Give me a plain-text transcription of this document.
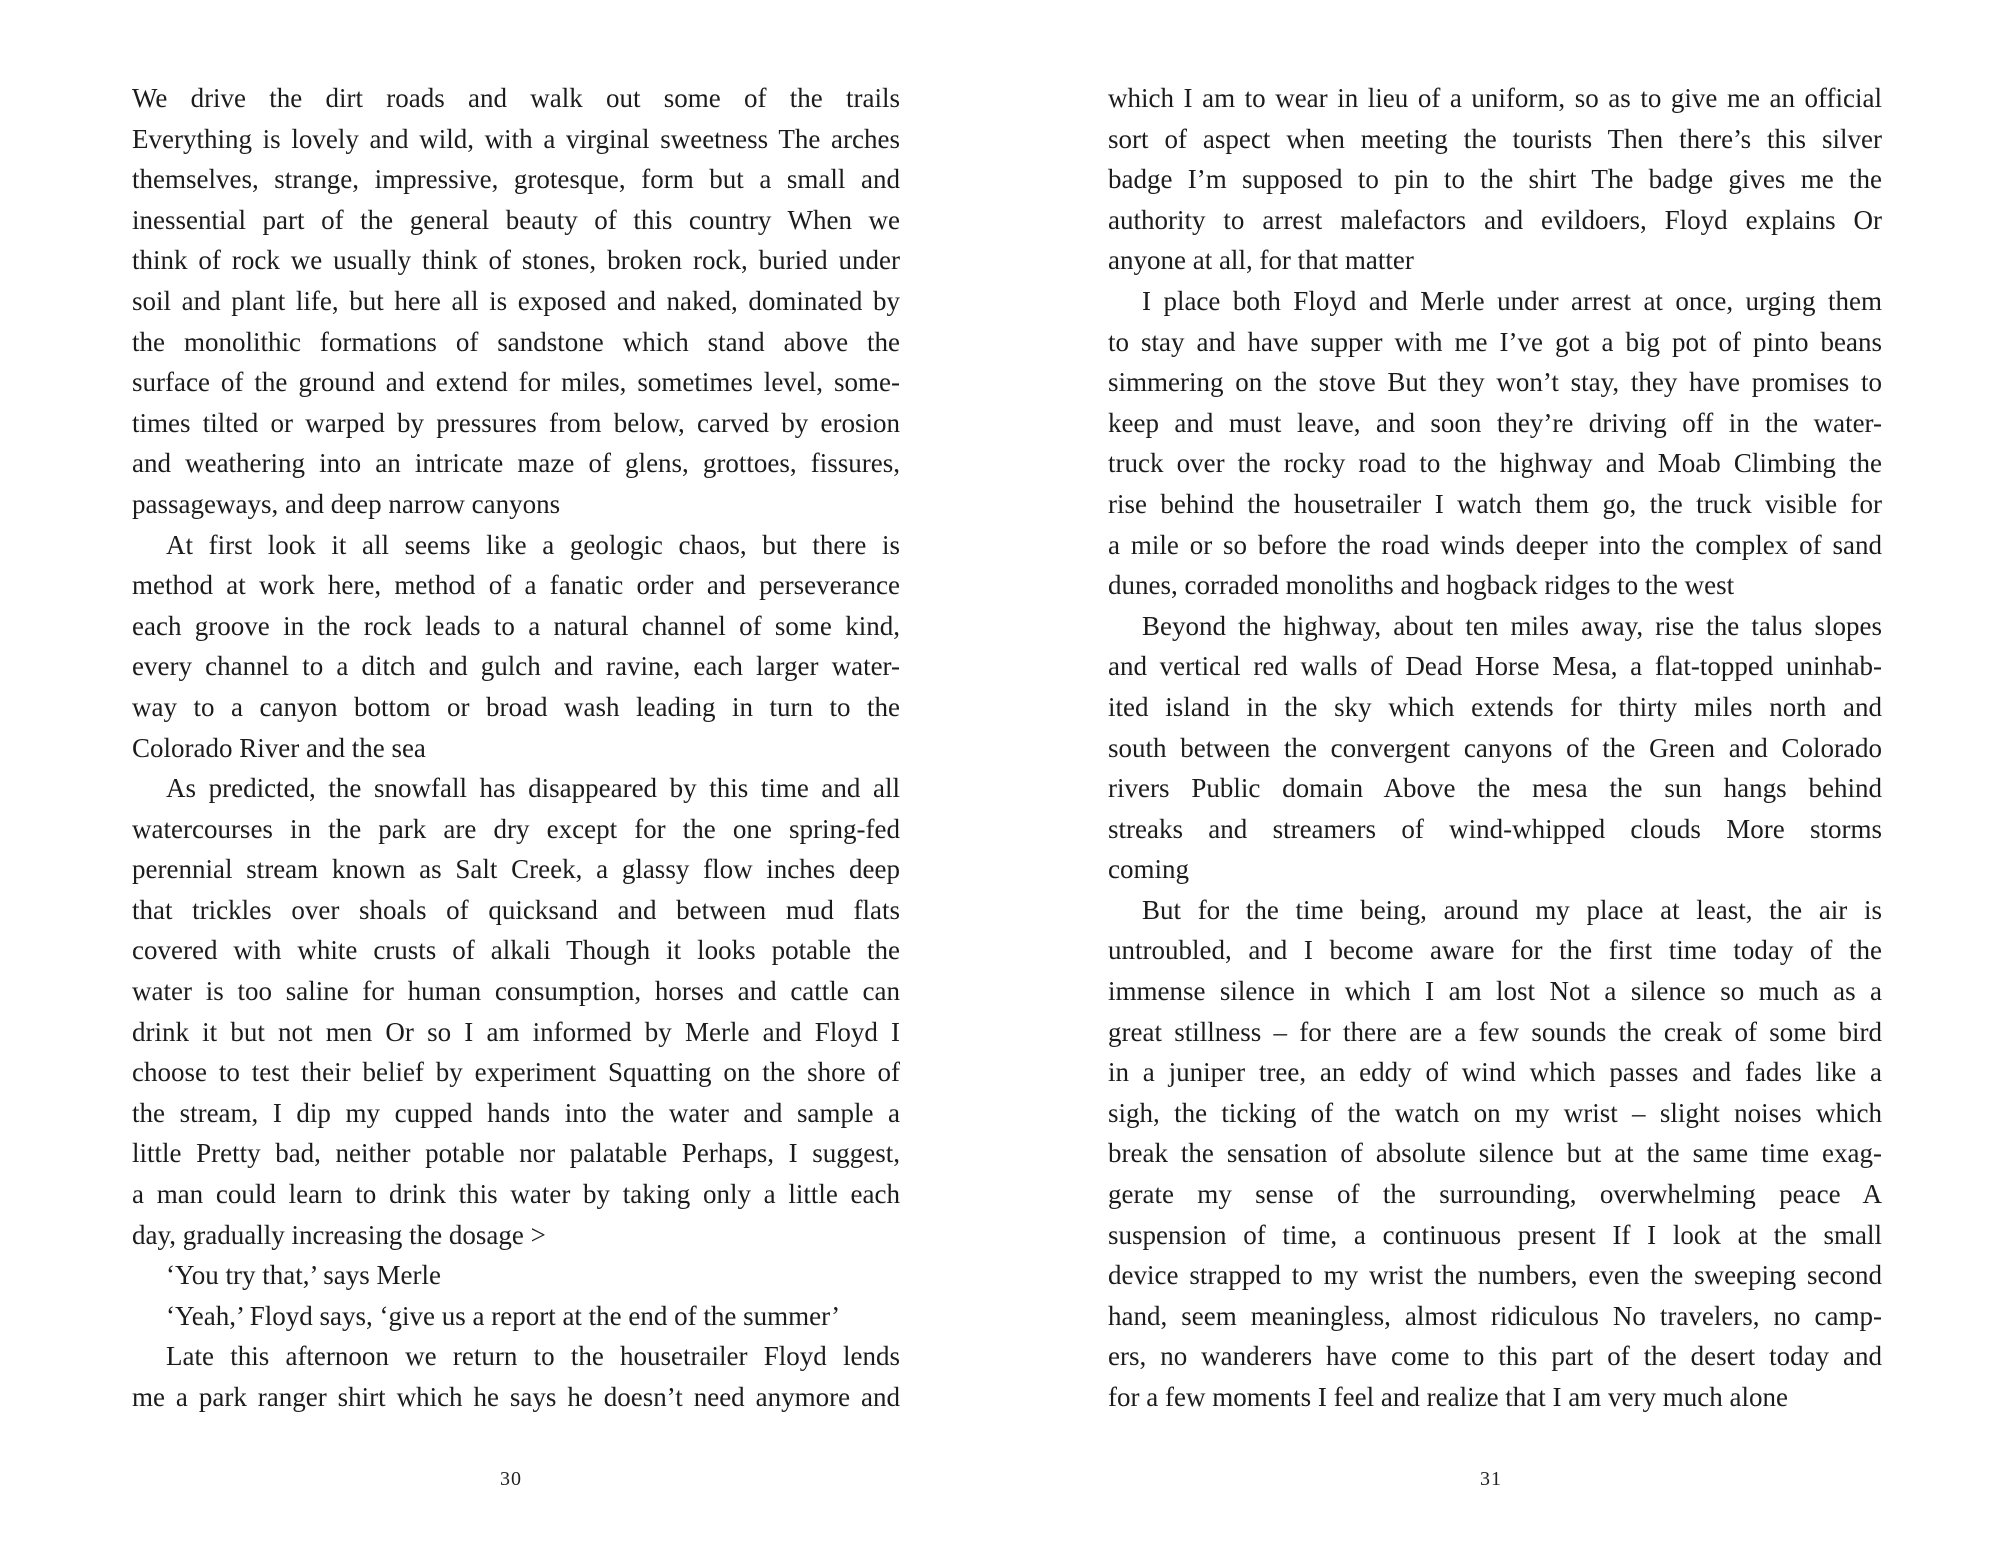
We drive the dirt roads and walk out some of the trails
Everything is lovely and wild, with a virginal sweetness The arches
themselves, strange, impressive, grotesque, form but a small and
inessential part of the general beauty of this country When we
think of rock we usually think of stones, broken rock, buried under
soil and plant life, but here all is exposed and naked, dominated by
the monolithic formations of sandstone which stand above the
surface of the ground and extend for miles, sometimes level, some-
times tilted or warped by pressures from below, carved by erosion
and weathering into an intricate maze of glens, grottoes, fissures,
passageways, and deep narrow canyons
At first look it all seems like a geologic chaos, but there is
method at work here, method of a fanatic order and perseverance
each groove in the rock leads to a natural channel of some kind,
every channel to a ditch and gulch and ravine, each larger water-
way to a canyon bottom or broad wash leading in turn to the
Colorado River and the sea
As predicted, the snowfall has disappeared by this time and all
watercourses in the park are dry except for the one spring-fed
perennial stream known as Salt Creek, a glassy flow inches deep
that trickles over shoals of quicksand and between mud flats
covered with white crusts of alkali Though it looks potable the
water is too saline for human consumption, horses and cattle can
drink it but not men Or so I am informed by Merle and Floyd I
choose to test their belief by experiment Squatting on the shore of
the stream, I dip my cupped hands into the water and sample a
little Pretty bad, neither potable nor palatable Perhaps, I suggest,
a man could learn to drink this water by taking only a little each
day, gradually increasing the dosage ˃
‘You try that,’ says Merle
‘Yeah,’ Floyd says, ‘give us a report at the end of the summer’
Late this afternoon we return to the housetrailer Floyd lends
me a park ranger shirt which he says he doesn’t need anymore and
30
which I am to wear in lieu of a uniform, so as to give me an official
sort of aspect when meeting the tourists Then there’s this silver
badge I’m supposed to pin to the shirt The badge gives me the
authority to arrest malefactors and evildoers, Floyd explains Or
anyone at all, for that matter
I place both Floyd and Merle under arrest at once, urging them
to stay and have supper with me I’ve got a big pot of pinto beans
simmering on the stove But they won’t stay, they have promises to
keep and must leave, and soon they’re driving off in the water-
truck over the rocky road to the highway and Moab Climbing the
rise behind the housetrailer I watch them go, the truck visible for
a mile or so before the road winds deeper into the complex of sand
dunes, corraded monoliths and hogback ridges to the west
Beyond the highway, about ten miles away, rise the talus slopes
and vertical red walls of Dead Horse Mesa, a flat-topped uninhab-
ited island in the sky which extends for thirty miles north and
south between the convergent canyons of the Green and Colorado
rivers Public domain Above the mesa the sun hangs behind
streaks and streamers of wind-whipped clouds More storms
coming
But for the time being, around my place at least, the air is
untroubled, and I become aware for the first time today of the
immense silence in which I am lost Not a silence so much as a
great stillness – for there are a few sounds the creak of some bird
in a juniper tree, an eddy of wind which passes and fades like a
sigh, the ticking of the watch on my wrist – slight noises which
break the sensation of absolute silence but at the same time exag-
gerate my sense of the surrounding, overwhelming peace A
suspension of time, a continuous present If I look at the small
device strapped to my wrist the numbers, even the sweeping second
hand, seem meaningless, almost ridiculous No travelers, no camp-
ers, no wanderers have come to this part of the desert today and
for a few moments I feel and realize that I am very much alone
31
